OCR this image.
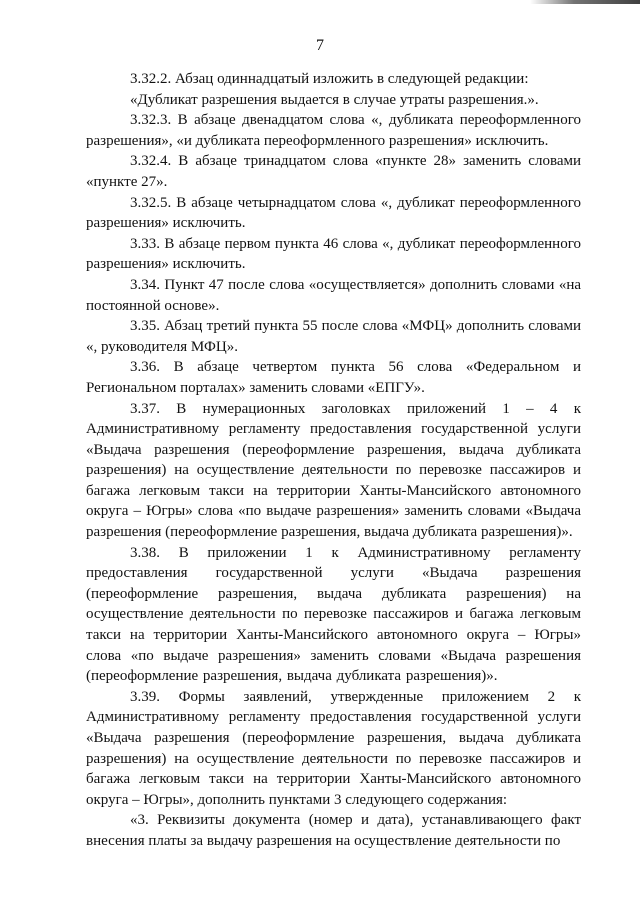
7

3.32.2. Абзац одиннадцатый изложить в следующей редакции:

«Дубликат разрешения выдается в случае утраты разрешения.».

3.32.3. В абзаце двенадцатом слова «, дубликата переоформленного разрешения», «и дубликата переоформленного разрешения» исключить.

3.32.4. В абзаце тринадцатом слова «пункте 28» заменить словами «пункте 27».

3.32.5. В абзаце четырнадцатом слова «, дубликат переоформленного разрешения» исключить.

3.33. В абзаце первом пункта 46 слова «, дубликат переоформленного разрешения» исключить.

3.34. Пункт 47 после слова «осуществляется» дополнить словами «на постоянной основе».

3.35. Абзац третий пункта 55 после слова «МФЦ» дополнить словами «, руководителя МФЦ».

3.36. В абзаце четвертом пункта 56 слова «Федеральном и Региональном порталах» заменить словами «ЕПГУ».

3.37. В нумерационных заголовках приложений 1 – 4 к Административному регламенту предоставления государственной услуги «Выдача разрешения (переоформление разрешения, выдача дубликата разрешения) на осуществление деятельности по перевозке пассажиров и багажа легковым такси на территории Ханты-Мансийского автономного округа – Югры» слова «по выдаче разрешения» заменить словами «Выдача разрешения (переоформление разрешения, выдача дубликата разрешения)».

3.38. В приложении 1 к Административному регламенту предоставления государственной услуги «Выдача разрешения (переоформление разрешения, выдача дубликата разрешения) на осуществление деятельности по перевозке пассажиров и багажа легковым такси на территории Ханты-Мансийского автономного округа – Югры» слова «по выдаче разрешения» заменить словами «Выдача разрешения (переоформление разрешения, выдача дубликата разрешения)».

3.39. Формы заявлений, утвержденные приложением 2 к Административному регламенту предоставления государственной услуги «Выдача разрешения (переоформление разрешения, выдача дубликата разрешения) на осуществление деятельности по перевозке пассажиров и багажа легковым такси на территории Ханты-Мансийского автономного округа – Югры», дополнить пунктами 3 следующего содержания:

«3. Реквизиты документа (номер и дата), устанавливающего факт внесения платы за выдачу разрешения на осуществление деятельности по
